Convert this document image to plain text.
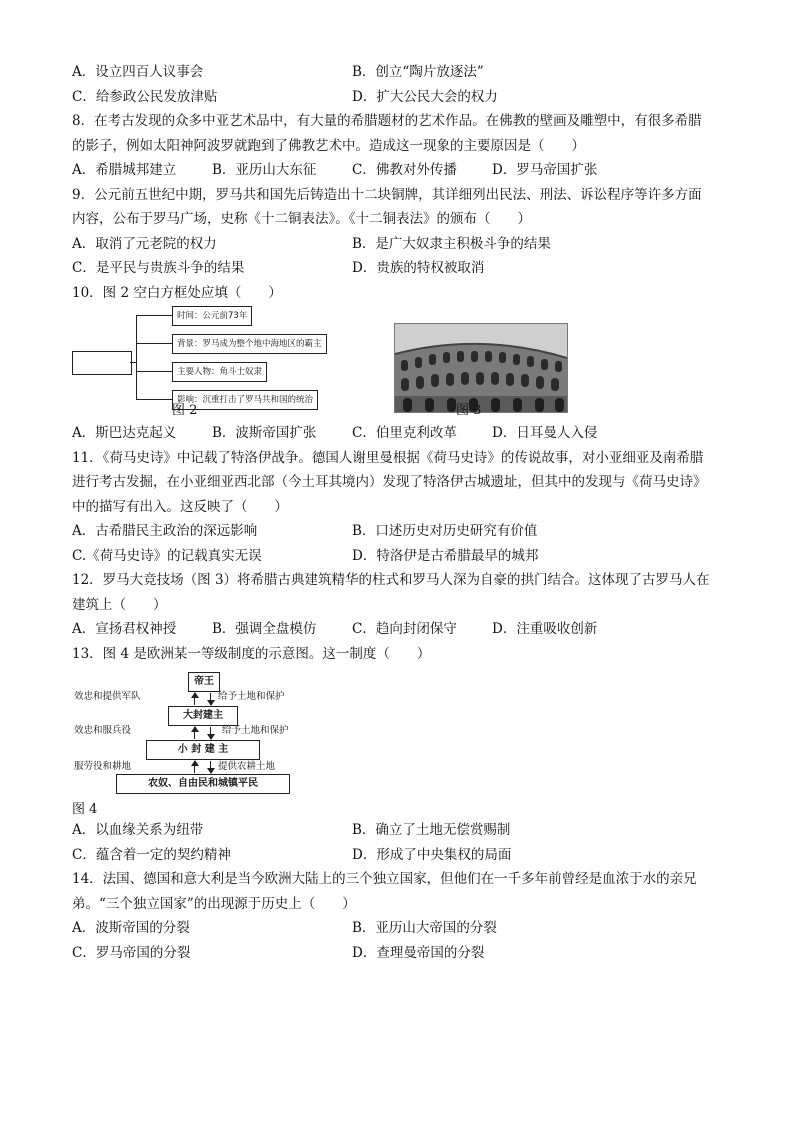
A．设立四百人议事会	B．创立“陶片放逐法”
C．给参政公民发放津贴	D．扩大公民大会的权力
8．在考古发现的众多中亚艺术品中，有大量的希腊题材的艺术作品。在佛教的壁画及雕塑中，有很多希腊
的影子，例如太阳神阿波罗就跑到了佛教艺术中。造成这一现象的主要原因是（　　）
A．希腊城邦建立	B．亚历山大东征	C．佛教对外传播	D．罗马帝国扩张
9．公元前五世纪中期，罗马共和国先后铸造出十二块铜牌，其详细列出民法、刑法、诉讼程序等许多方面
内容，公布于罗马广场，史称《十二铜表法》。《十二铜表法》的颁布（　　）
A．取消了元老院的权力	B．是广大奴隶主积极斗争的结果
C．是平民与贵族斗争的结果	D．贵族的特权被取消
10．图 2 空白方框处应填（　　）
时间：公元前73年
背景：罗马成为整个地中海地区的霸主
主要人物：角斗士奴隶
影响：沉重打击了罗马共和国的统治
图 2	图 3
A．斯巴达克起义	B．波斯帝国扩张	C．伯里克利改革	D．日耳曼人入侵
11．《荷马史诗》中记载了特洛伊战争。德国人谢里曼根据《荷马史诗》的传说故事，对小亚细亚及南希腊
进行考古发掘，在小亚细亚西北部（今土耳其境内）发现了特洛伊古城遗址，但其中的发现与《荷马史诗》
中的描写有出入。这反映了（　　）
A．古希腊民主政治的深远影响	B．口述历史对历史研究有价值
C.《荷马史诗》的记载真实无误	D．特洛伊是古希腊最早的城邦
12．罗马大竞技场（图 3）将希腊古典建筑精华的柱式和罗马人深为自豪的拱门结合。这体现了古罗马人在
建筑上（　　）
A．宣扬君权神授	B．强调全盘模仿	C．趋向封闭保守	D．注重吸收创新
13．图 4 是欧洲某一等级制度的示意图。这一制度（　　）
帝王
大封建主
小 封 建 主
农奴、自由民和城镇平民
效忠和提供军队
效忠和服兵役
服劳役和耕地
给予土地和保护
给予土地和保护
提供农耕土地
图 4
A．以血缘关系为纽带	B．确立了土地无偿赏赐制
C．蕴含着一定的契约精神	D．形成了中央集权的局面
14．法国、德国和意大利是当今欧洲大陆上的三个独立国家，但他们在一千多年前曾经是血浓于水的亲兄
弟。“三个独立国家”的出现源于历史上（　　）
A．波斯帝国的分裂	B．亚历山大帝国的分裂
C．罗马帝国的分裂	D．查理曼帝国的分裂
